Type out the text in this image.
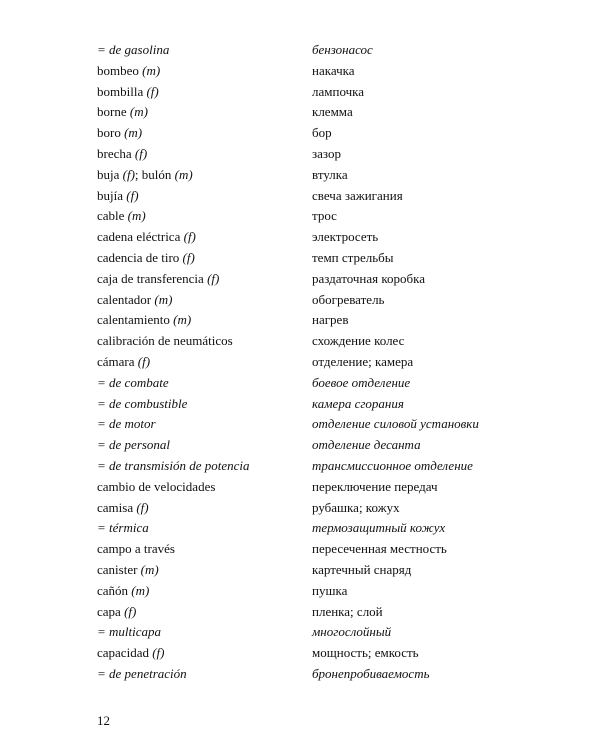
= de gasolina	бензонасос
bombeo (m)	накачка
bombilla (f)	лампочка
borne (m)	клемма
boro (m)	бор
brecha (f)	зазор
buja (f); bulón (m)	втулка
bujía (f)	свеча зажигания
cable (m)	трос
cadena eléctrica (f)	электросеть
cadencia de tiro (f)	темп стрельбы
caja de transferencia (f)	раздаточная коробка
calentador (m)	обогреватель
calentamiento (m)	нагрев
calibración de neumáticos	схождение колес
cámara (f)	отделение; камера
= de combate	боевое отделение
= de combustible	камера сгорания
= de motor	отделение силовой установки
= de personal	отделение десанта
= de transmisión de potencia	трансмиссионное отделение
cambio de velocidades	переключение передач
camisa (f)	рубашка; кожух
= térmica	термозащитный кожух
campo a través	пересеченная местность
canister (m)	картечный снаряд
cañón (m)	пушка
capa (f)	пленка; слой
= multicapa	многослойный
capacidad (f)	мощность; емкость
= de penetración	бронепробиваемость
12
